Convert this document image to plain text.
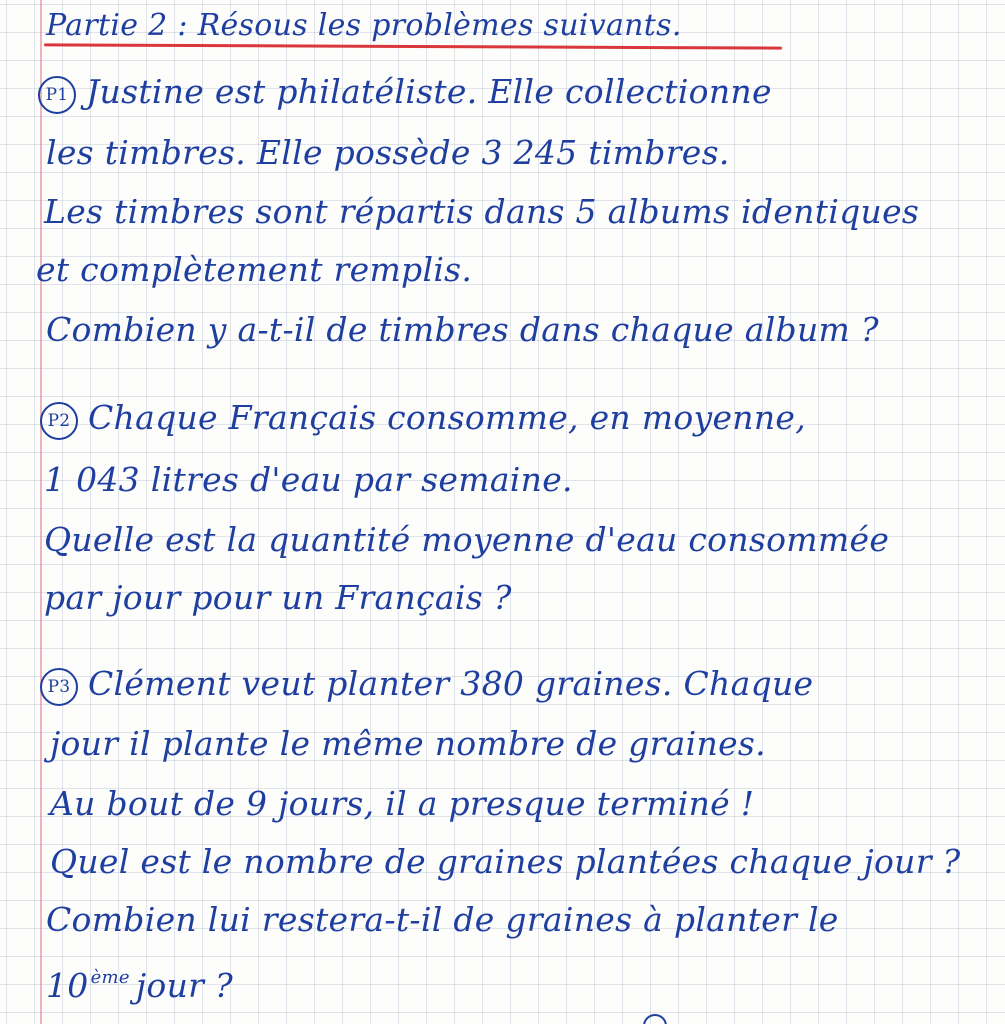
Partie 2 : Résous les problèmes suivants.
P1 Justine est philatéliste. Elle collectionne
les timbres. Elle possède 3 245 timbres.
Les timbres sont répartis dans 5 albums identiques
et complètement remplis.
Combien y a-t-il de timbres dans chaque album ?
P2 Chaque Français consomme, en moyenne,
1 043 litres d'eau par semaine.
Quelle est la quantité moyenne d'eau consommée
par jour pour un Français ?
P3 Clément veut planter 380 graines. Chaque
jour il plante le même nombre de graines.
Au bout de 9 jours, il a presque terminé !
Quel est le nombre de graines plantées chaque jour ?
Combien lui restera-t-il de graines à planter le
10 $^{ème}$ jour ?
